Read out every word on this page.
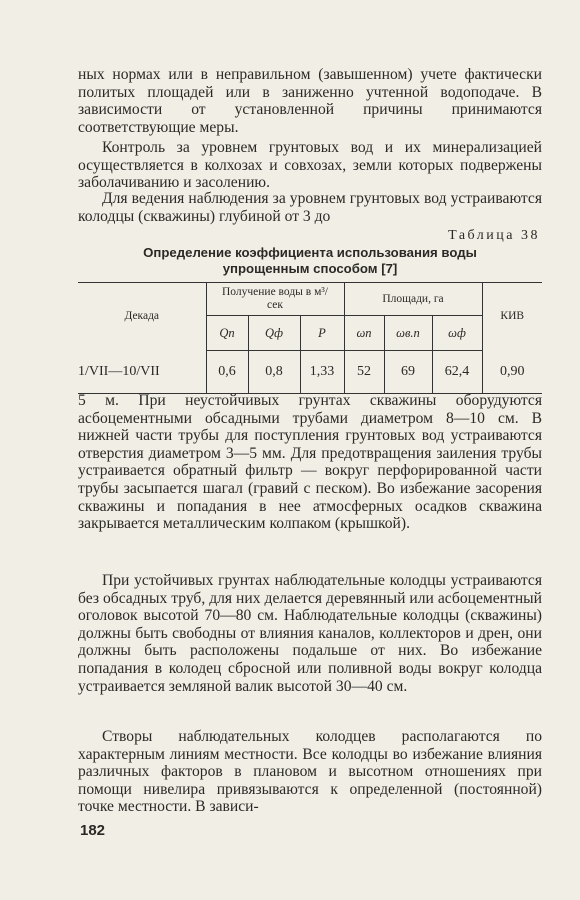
ных нормах или в неправильном (завышенном) учете фактически политых площадей или в заниженно учтенной водоподаче. В зависимости от установленной причины принимаются соответствующие меры.

Контроль за уровнем грунтовых вод и их минерализацией осуществляется в колхозах и совхозах, земли которых подвержены заболачиванию и засолению.

Для ведения наблюдения за уровнем грунтовых вод устраиваются колодцы (скважины) глубиной от 3 до

Таблица 38
Определение коэффициента использования воды
упрощенным способом [7]
Декада	Получение воды в м³/сек			Площади, га			КИВ
	Qп	Qф	P	ωп	ωв.п	ωф	
1/VII—10/VII	0,6	0,8	1,33	52	69	62,4	0,90

5 м. При неустойчивых грунтах скважины оборудуются асбоцементными обсадными трубами диаметром 8—10 см. В нижней части трубы для поступления грунтовых вод устраиваются отверстия диаметром 3—5 мм. Для предотвращения заиления трубы устраивается обратный фильтр — вокруг перфорированной части трубы засыпается шагал (гравий с песком). Во избежание засорения скважины и попадания в нее атмосферных осадков скважина закрывается металлическим колпаком (крышкой).

При устойчивых грунтах наблюдательные колодцы устраиваются без обсадных труб, для них делается деревянный или асбоцементный оголовок высотой 70—80 см. Наблюдательные колодцы (скважины) должны быть свободны от влияния каналов, коллекторов и дрен, они должны быть расположены подальше от них. Во избежание попадания в колодец сбросной или поливной воды вокруг колодца устраивается земляной валик высотой 30—40 см.

Створы наблюдательных колодцев располагаются по характерным линиям местности. Все колодцы во избежание влияния различных факторов в плановом и высотном отношениях при помощи нивелира привязываются к определенной (постоянной) точке местности. В зависи-

182
